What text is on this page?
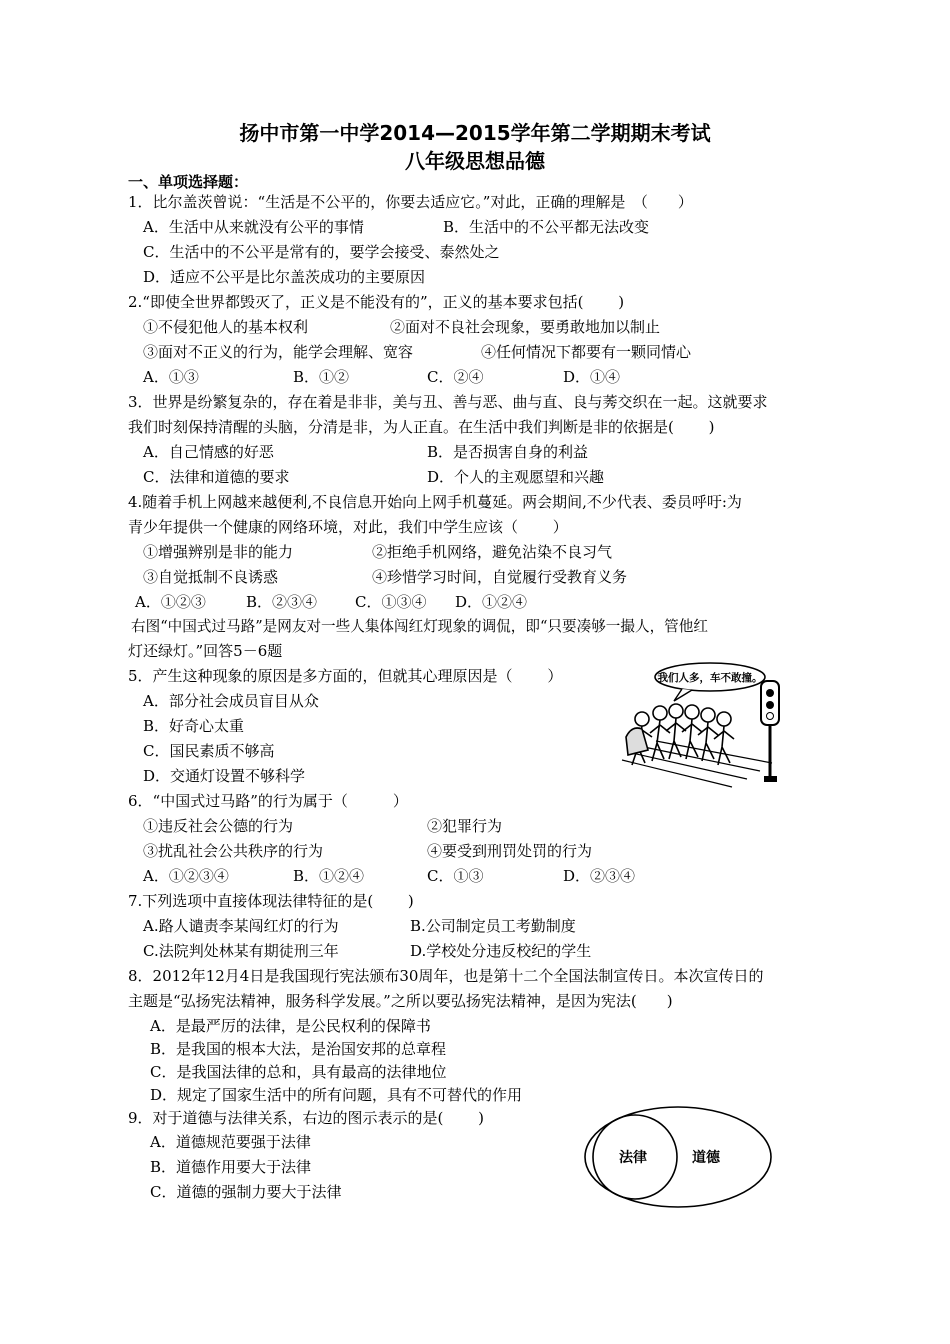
扬中市第一中学2014—2015学年第二学期期末考试
八年级思想品德
一、单项选择题：
1．比尔盖茨曾说：“生活是不公平的，你要去适应它。”对此，正确的理解是　（　　）
A．生活中从来就没有公平的事情	B．生活中的不公平都无法改变
C．生活中的不公平是常有的，要学会接受、泰然处之
D．适应不公平是比尔盖茨成功的主要原因
2.“即使全世界都毁灭了，正义是不能没有的”，正义的基本要求包括(　　 )
①不侵犯他人的基本权利	②面对不良社会现象，要勇敢地加以制止
③面对不正义的行为，能学会理解、宽容	④任何情况下都要有一颗同情心
A．①③	B．①②	C．②④	D．①④
3．世界是纷繁复杂的，存在着是非非，美与丑、善与恶、曲与直、良与莠交织在一起。这就要求
我们时刻保持清醒的头脑，分清是非，为人正直。在生活中我们判断是非的依据是(　　 )
A．自己情感的好恶	B．是否损害自身的利益
C．法律和道德的要求	D．个人的主观愿望和兴趣
4.随着手机上网越来越便利,不良信息开始向上网手机蔓延。两会期间,不少代表、委员呼吁:为
青少年提供一个健康的网络环境，对此，我们中学生应该（　　 ）
①增强辨别是非的能力	②拒绝手机网络，避免沾染不良习气
③自觉抵制不良诱惑	④珍惜学习时间，自觉履行受教育义务
A．①②③	B．②③④	C．①③④ D．①②④
右图“中国式过马路”是网友对一些人集体闯红灯现象的调侃，即“只要凑够一撮人，管他红
灯还绿灯。”回答5－6题
5．产生这种现象的原因是多方面的，但就其心理原因是（　　 ）
A．部分社会成员盲目从众
B．好奇心太重
C．国民素质不够高
D．交通灯设置不够科学
我们人多，车不敢撞。
6．“中国式过马路”的行为属于（　　　）
①违反社会公德的行为	②犯罪行为
③扰乱社会公共秩序的行为	④要受到刑罚处罚的行为
A．①②③④	B．①②④	C．①③	D．②③④
7.下列选项中直接体现法律特征的是(　　 )
A.路人谴责李某闯红灯的行为	B.公司制定员工考勤制度
C.法院判处林某有期徒刑三年	D.学校处分违反校纪的学生
8．2012年12月4日是我国现行宪法颁布30周年，也是第十二个全国法制宣传日。本次宣传日的
主题是“弘扬宪法精神，服务科学发展。”之所以要弘扬宪法精神，是因为宪法(　　)
A．是最严厉的法律，是公民权利的保障书
B．是我国的根本大法，是治国安邦的总章程
C．是我国法律的总和，具有最高的法律地位
D．规定了国家生活中的所有问题，具有不可替代的作用
9．对于道德与法律关系，右边的图示表示的是(　　 )
A．道德规范要强于法律
B．道德作用要大于法律
C．道德的强制力要大于法律
法律	道德
